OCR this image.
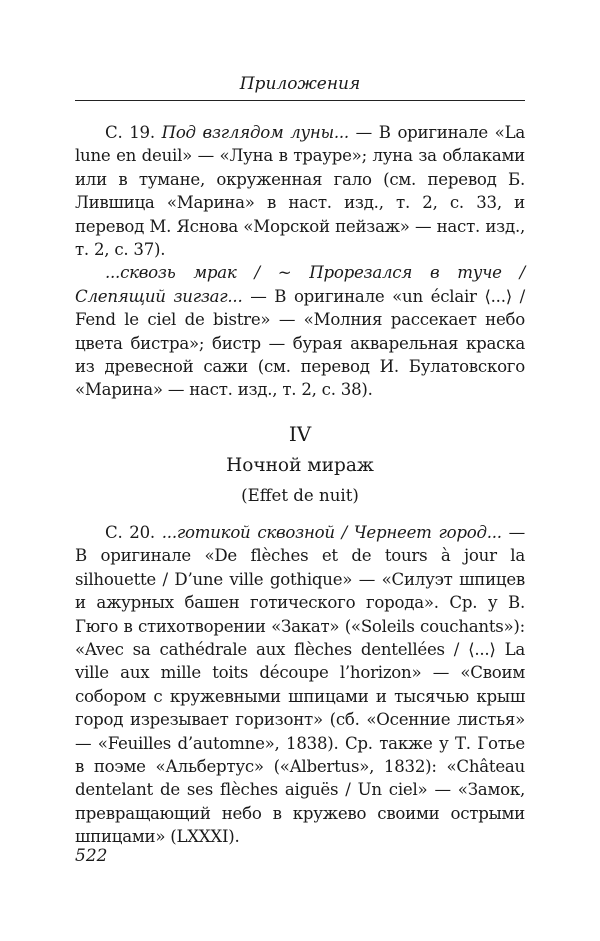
Приложения

С. 19. Под взглядом луны... — В оригинале «La lune en deuil» — «Луна в трауре»; луна за облаками или в тумане, окруженная гало (см. перевод Б. Лившица «Марина» в наст. изд., т. 2, с. 33, и перевод М. Яснова «Морской пейзаж» — наст. изд., т. 2, с. 37).

...сквозь мрак / ~ Прорезался в туче / Слепящий зигзаг... — В оригинале «un éclair ⟨...⟩ / Fend le ciel de bistre» — «Молния рассекает небо цвета бистра»; бистр — бурая акварельная краска из древесной сажи (см. перевод И. Булатовского «Марина» — наст. изд., т. 2, с. 38).

IV
Ночной мираж
(Effet de nuit)

С. 20. ...готикой сквозной / Чернеет город... — В оригинале «De flèches et de tours à jour la silhouette / D’une ville gothique» — «Силуэт шпицев и ажурных башен готического города». Ср. у В. Гюго в стихотворении «Закат» («Soleils couchants»): «Avec sa cathédrale aux flèches dentellées / ⟨...⟩ La ville aux mille toits découpe l’horizon» — «Своим собором с кружевными шпицами и тысячью крыш город изрезывает горизонт» (сб. «Осенние листья» — «Feuilles d’automne», 1838). Ср. также у Т. Готье в поэме «Альбертус» («Albertus», 1832): «Château dentelant de ses flèches aiguës / Un ciel» — «Замок, превращающий небо в кружево своими острыми шпицами» (LXXXI).

522
